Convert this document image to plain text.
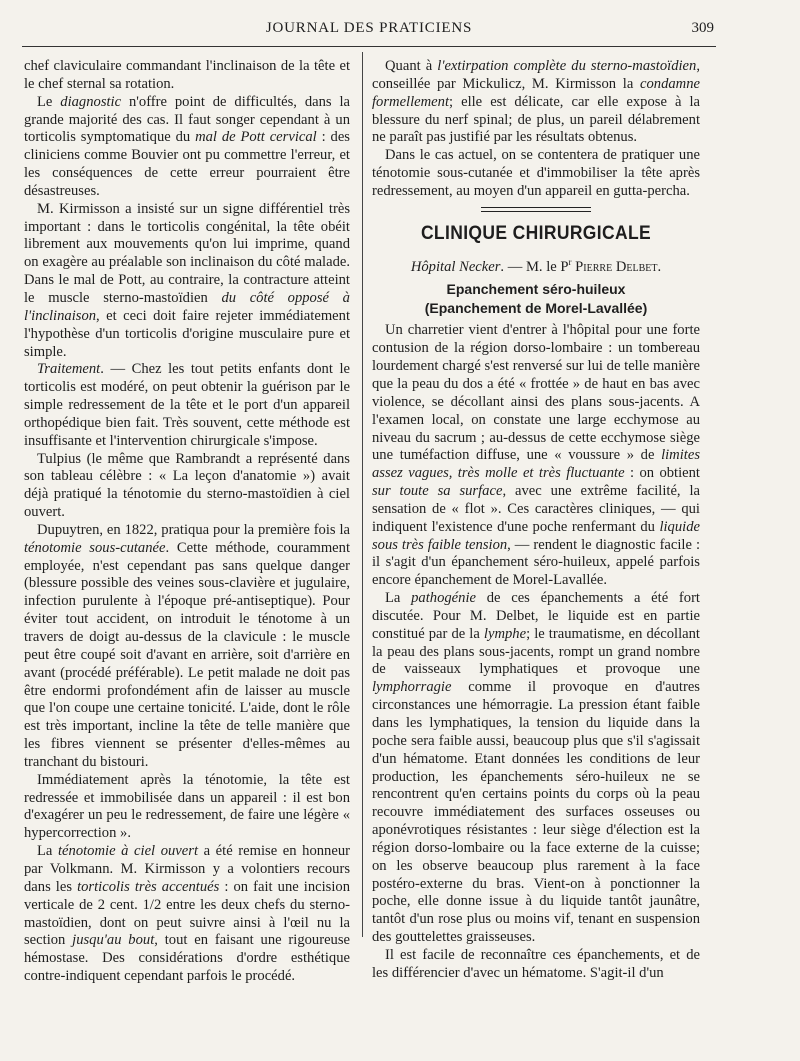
JOURNAL DES PRATICIENS	309

chef claviculaire commandant l'inclinaison de la tête et le chef sternal sa rotation.

Le diagnostic n'offre point de difficultés, dans la grande majorité des cas. Il faut songer cependant à un torticolis symptomatique du mal de Pott cervical : des cliniciens comme Bouvier ont pu commettre l'erreur, et les conséquences de cette erreur pourraient être désastreuses.

M. Kirmisson a insisté sur un signe différentiel très important : dans le torticolis congénital, la tête obéit librement aux mouvements qu'on lui imprime, quand on exagère au préalable son inclinaison du côté malade. Dans le mal de Pott, au contraire, la contracture atteint le muscle sterno-mastoïdien du côté opposé à l'inclinaison, et ceci doit faire rejeter immédiatement l'hypothèse d'un torticolis d'origine musculaire pure et simple.

Traitement. — Chez les tout petits enfants dont le torticolis est modéré, on peut obtenir la guérison par le simple redressement de la tête et le port d'un appareil orthopédique bien fait. Très souvent, cette méthode est insuffisante et l'intervention chirurgicale s'impose.

Tulpius (le même que Rambrandt a représenté dans son tableau célèbre : « La leçon d'anatomie ») avait déjà pratiqué la ténotomie du sterno-mastoïdien à ciel ouvert.

Dupuytren, en 1822, pratiqua pour la première fois la ténotomie sous-cutanée. Cette méthode, couramment employée, n'est cependant pas sans quelque danger (blessure possible des veines sous-clavière et jugulaire, infection purulente à l'époque pré-antiseptique). Pour éviter tout accident, on introduit le ténotome à un travers de doigt au-dessus de la clavicule : le muscle peut être coupé soit d'avant en arrière, soit d'arrière en avant (procédé préférable). Le petit malade ne doit pas être endormi profondément afin de laisser au muscle que l'on coupe une certaine tonicité. L'aide, dont le rôle est très important, incline la tête de telle manière que les fibres viennent se présenter d'elles-mêmes au tranchant du bistouri.

Immédiatement après la ténotomie, la tête est redressée et immobilisée dans un appareil : il est bon d'exagérer un peu le redressement, de faire une légère « hypercorrection ».

La ténotomie à ciel ouvert a été remise en honneur par Volkmann. M. Kirmisson y a volontiers recours dans les torticolis très accentués : on fait une incision verticale de 2 cent. 1/2 entre les deux chefs du sterno-mastoïdien, dont on peut suivre ainsi à l'œil nu la section jusqu'au bout, tout en faisant une rigoureuse hémostase. Des considérations d'ordre esthétique contre-indiquent cependant parfois le procédé.

Quant à l'extirpation complète du sterno-mastoïdien, conseillée par Mickulicz, M. Kirmisson la condamne formellement; elle est délicate, car elle expose à la blessure du nerf spinal; de plus, un pareil délabrement ne paraît pas justifié par les résultats obtenus.

Dans le cas actuel, on se contentera de pratiquer une ténotomie sous-cutanée et d'immobiliser la tête après redressement, au moyen d'un appareil en gutta-percha.

CLINIQUE CHIRURGICALE
Hôpital Necker. — M. le $P^r$ Pierre Delbet.
Epanchement séro-huileux
(Epanchement de Morel-Lavallée)

Un charretier vient d'entrer à l'hôpital pour une forte contusion de la région dorso-lombaire : un tombereau lourdement chargé s'est renversé sur lui de telle manière que la peau du dos a été « frottée » de haut en bas avec violence, se décollant ainsi des plans sous-jacents. A l'examen local, on constate une large ecchymose au niveau du sacrum ; au-dessus de cette ecchymose siège une tuméfaction diffuse, une « voussure » de limites assez vagues, très molle et très fluctuante : on obtient sur toute sa surface, avec une extrême facilité, la sensation de « flot ». Ces caractères cliniques, — qui indiquent l'existence d'une poche renfermant du liquide sous très faible tension, — rendent le diagnostic facile : il s'agit d'un épanchement séro-huileux, appelé parfois encore épanchement de Morel-Lavallée.

La pathogénie de ces épanchements a été fort discutée. Pour M. Delbet, le liquide est en partie constitué par de la lymphe; le traumatisme, en décollant la peau des plans sous-jacents, rompt un grand nombre de vaisseaux lymphatiques et provoque une lymphorragie comme il provoque en d'autres circonstances une hémorragie. La pression étant faible dans les lymphatiques, la tension du liquide dans la poche sera faible aussi, beaucoup plus que s'il s'agissait d'un hématome. Etant données les conditions de leur production, les épanchements séro-huileux ne se rencontrent qu'en certains points du corps où la peau recouvre immédiatement des surfaces osseuses ou aponévrotiques résistantes : leur siège d'élection est la région dorso-lombaire ou la face externe de la cuisse; on les observe beaucoup plus rarement à la face postéro-externe du bras. Vient-on à ponctionner la poche, elle donne issue à du liquide tantôt jaunâtre, tantôt d'un rose plus ou moins vif, tenant en suspension des gouttelettes graisseuses.

Il est facile de reconnaître ces épanchements, et de les différencier d'avec un hématome. S'agit-il d'un
